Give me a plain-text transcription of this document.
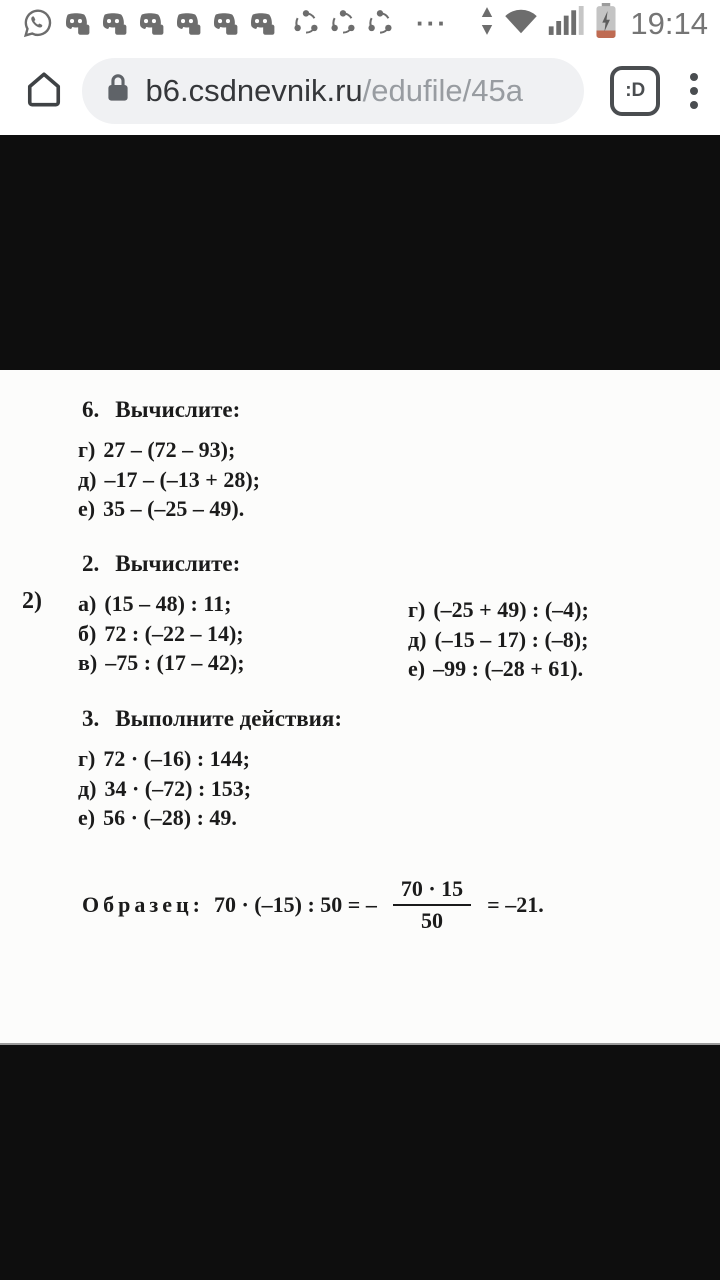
···	19:14
b6.csdnevnik.ru/edufile/45a	:D
6. Вычислите:
г) 27 – (72 – 93);
д) –17 – (–13 + 28);
е) 35 – (–25 – 49).
2)
2. Вычислите:
а) (15 – 48) : 11;
б) 72 : (–22 – 14);
в) –75 : (17 – 42);
г) (–25 + 49) : (–4);
д) (–15 – 17) : (–8);
е) –99 : (–28 + 61).
3. Выполните действия:
г) 72 · (–16) : 144;
д) 34 · (–72) : 153;
е) 56 · (–28) : 49.
Образец: 70 · (–15) : 50 = – $\frac{70 \cdot 15}{50} = -21$.
